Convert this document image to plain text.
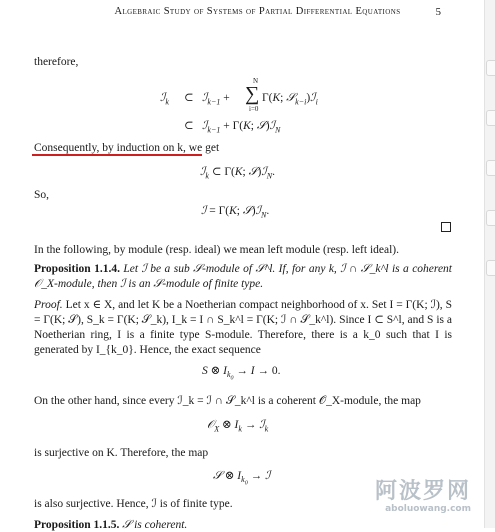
Algebraic Study of Systems of Partial Differential Equations	5
therefore,
ℐ$_k$ ⊂ ℐ$_{k-1}$ +
N
∑
i=0
Γ(K; 𝒮$_{k-i}$)ℐ$_i$
⊂ ℐ$_{k-1}$ + Γ(K; 𝒮)ℐ$_N$
Consequently, by induction on k, we get
ℐ$_k$ ⊂ Γ(K; 𝒮)ℐ$_N$.
So,
ℐ = Γ(K; 𝒮)ℐ$_N$.
In the following, by module (resp. ideal) we mean left module (resp. left ideal).
Proposition 1.1.4. Let ℐ be a sub 𝒮-module of 𝒮^l. If, for any k, ℐ ∩ 𝒮_k^l is a coherent 𝒪_X-module, then ℐ is an 𝒮-module of finite type.
Proof. Let x ∈ X, and let K be a Noetherian compact neighborhood of x. Set I = Γ(K; ℐ), S = Γ(K; 𝒮), S_k = Γ(K; 𝒮_k), I_k = I ∩ S_k^l = Γ(K; ℐ ∩ 𝒮_k^l). Since I ⊂ S^l, and S is a Noetherian ring, I is a finite type S-module. Therefore, there is a k_0 such that I is generated by I_{k_0}. Hence, the exact sequence
S ⊗ $I_{k_0} \to I \to 0$.
On the other hand, since every ℐ_k = ℐ ∩ 𝒮_k^l is a coherent 𝒪_X-module, the map
𝒪$_X$ ⊗ $I_k$ → ℐ$_k$
is surjective on K. Therefore, the map
𝒮 ⊗ $I_{k_0}$ → ℐ
is also surjective. Hence, ℐ is of finite type.
Proposition 1.1.5. 𝒮 is coherent.
阿波罗网
aboluowang.com
